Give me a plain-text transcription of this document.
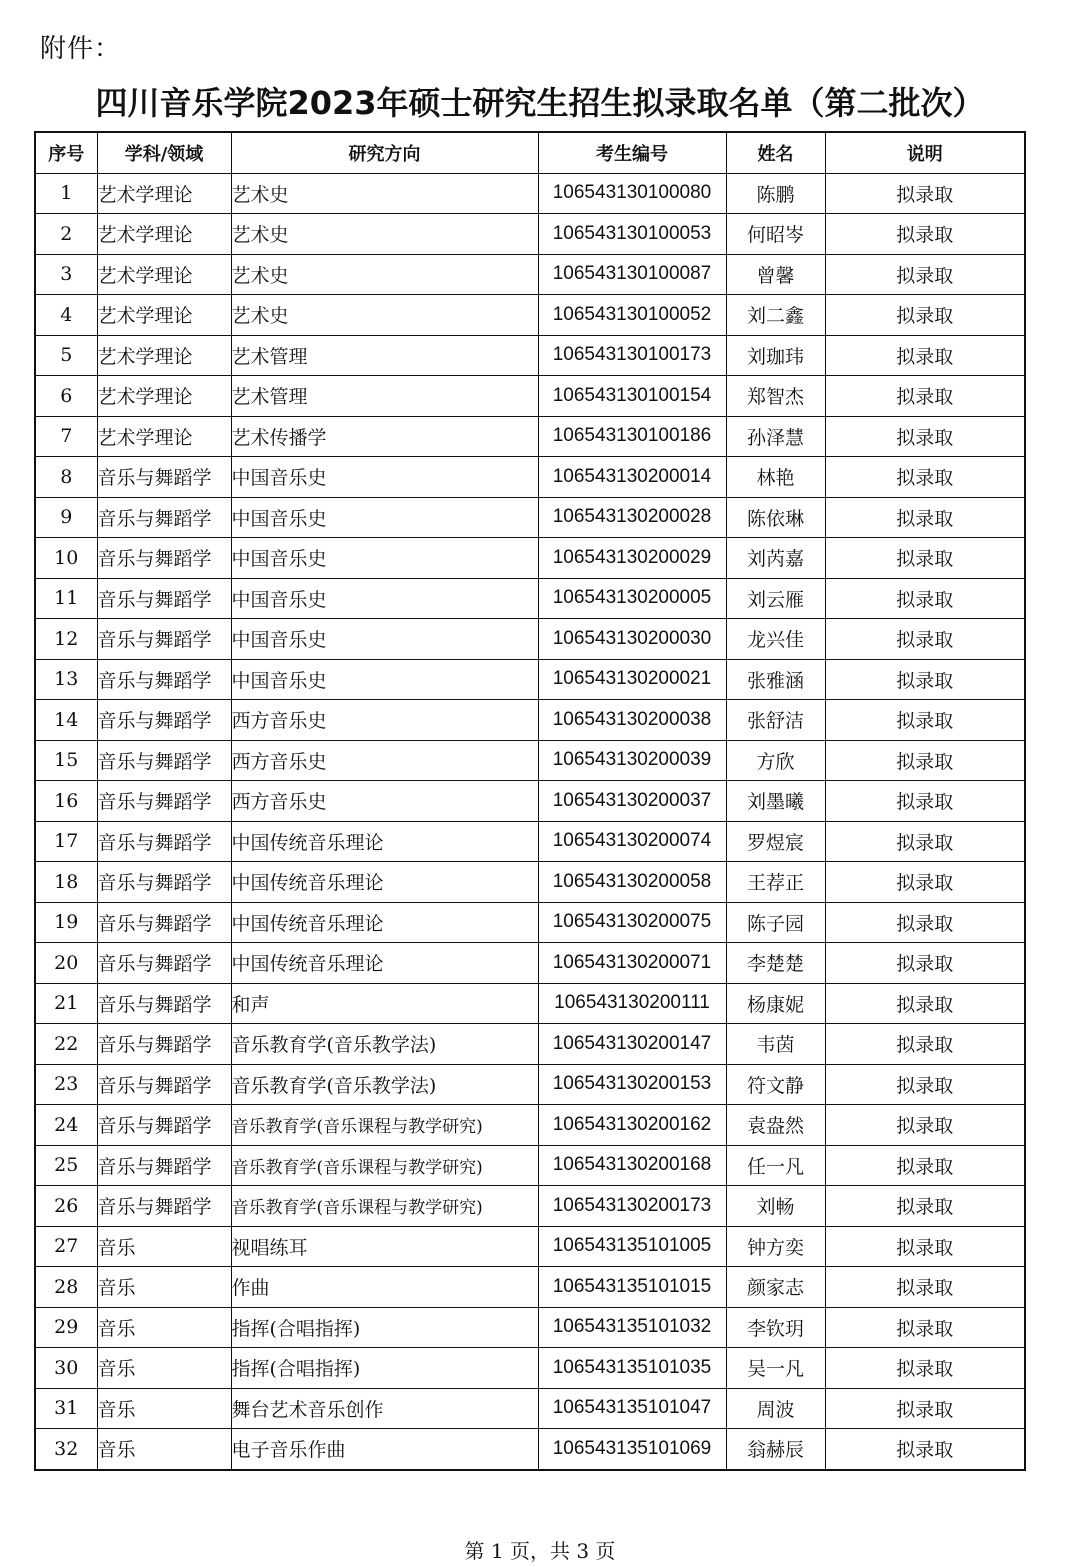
附件：
四川音乐学院2023年硕士研究生招生拟录取名单（第二批次）
序号	学科/领域	研究方向	考生编号	姓名	说明
1	艺术学理论	艺术史	10654313010008​0	陈鹏	拟录取
2	艺术学理论	艺术史	106543130100053	何昭岑	拟录取
3	艺术学理论	艺术史	106543130100087	曾馨	拟录取
4	艺术学理论	艺术史	106543130100052	刘二鑫	拟录取
5	艺术学理论	艺术管理	106543130100173	刘珈玮	拟录取
6	艺术学理论	艺术管理	106543130100154	郑智杰	拟录取
7	艺术学理论	艺术传播学	106543130100186	孙泽慧	拟录取
8	音乐与舞蹈学	中国音乐史	106543130200014	林艳	拟录取
9	音乐与舞蹈学	中国音乐史	106543130200028	陈依琳	拟录取
10	音乐与舞蹈学	中国音乐史	106543130200029	刘芮嘉	拟录取
11	音乐与舞蹈学	中国音乐史	106543130200005	刘云雁	拟录取
12	音乐与舞蹈学	中国音乐史	106543130200030	龙兴佳	拟录取
13	音乐与舞蹈学	中国音乐史	106543130200021	张雅涵	拟录取
14	音乐与舞蹈学	西方音乐史	106543130200038	张舒洁	拟录取
15	音乐与舞蹈学	西方音乐史	106543130200039	方欣	拟录取
16	音乐与舞蹈学	西方音乐史	106543130200037	刘墨曦	拟录取
17	音乐与舞蹈学	中国传统音乐理论	106543130200074	罗煜宸	拟录取
18	音乐与舞蹈学	中国传统音乐理论	106543130200058	王荐正	拟录取
19	音乐与舞蹈学	中国传统音乐理论	106543130200075	陈子园	拟录取
20	音乐与舞蹈学	中国传统音乐理论	106543130200071	李楚楚	拟录取
21	音乐与舞蹈学	和声	106543130200111	杨康妮	拟录取
22	音乐与舞蹈学	音乐教育学(音乐教学法)	106543130200147	韦茵	拟录取
23	音乐与舞蹈学	音乐教育学(音乐教学法)	106543130200153	符文静	拟录取
24	音乐与舞蹈学	音乐教育学(音乐课程与教学研究)	106543130200162	袁盎然	拟录取
25	音乐与舞蹈学	音乐教育学(音乐课程与教学研究)	106543130200168	任一凡	拟录取
26	音乐与舞蹈学	音乐教育学(音乐课程与教学研究)	106543130200173	刘畅	拟录取
27	音乐	视唱练耳	106543135101005	钟方奕	拟录取
28	音乐	作曲	106543135101015	颜家志	拟录取
29	音乐	指挥(合唱指挥)	106543135101032	李钦玥	拟录取
30	音乐	指挥(合唱指挥)	106543135101035	吴一凡	拟录取
31	音乐	舞台艺术音乐创作	106543135101047	周波	拟录取
32	音乐	电子音乐作曲	106543135101069	翁赫辰	拟录取
第 1 页，共 3 页
